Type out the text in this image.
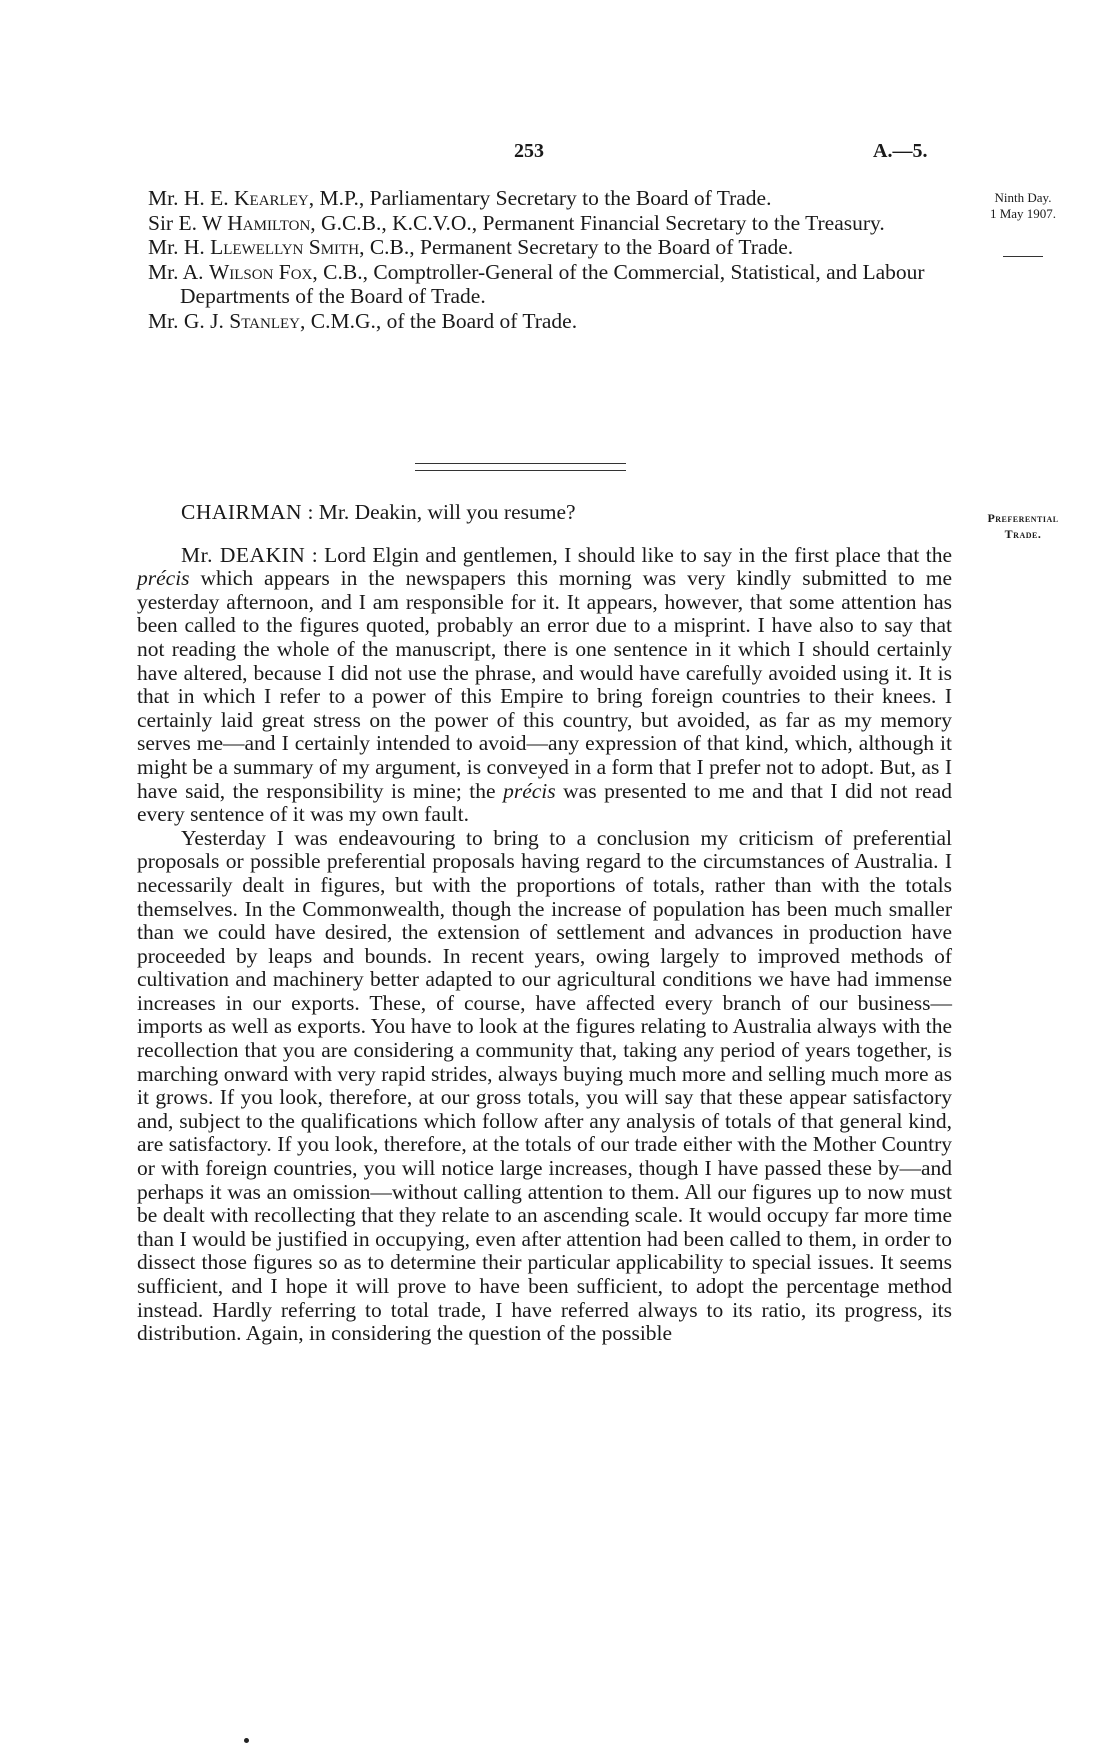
253	A.—5.

Mr. H. E. Kearley, M.P., Parliamentary Secretary to the Board of Trade.

Sir E. W Hamilton, G.C.B., K.C.V.O., Permanent Financial Secretary to the Treasury.

Mr. H. Llewellyn Smith, C.B., Permanent Secretary to the Board of Trade.

Mr. A. Wilson Fox, C.B., Comptroller-General of the Commercial, Statistical, and Labour Departments of the Board of Trade.

Mr. G. J. Stanley, C.M.G., of the Board of Trade.

Ninth Day.
1 May 1907.
Preferential
Trade.

CHAIRMAN : Mr. Deakin, will you resume?

Mr. DEAKIN : Lord Elgin and gentlemen, I should like to say in the first place that the précis which appears in the newspapers this morning was very kindly submitted to me yesterday afternoon, and I am responsible for it. It appears, however, that some attention has been called to the figures quoted, probably an error due to a misprint. I have also to say that not reading the whole of the manuscript, there is one sentence in it which I should certainly have altered, because I did not use the phrase, and would have carefully avoided using it. It is that in which I refer to a power of this Empire to bring foreign countries to their knees. I certainly laid great stress on the power of this country, but avoided, as far as my memory serves me—and I certainly intended to avoid—any expression of that kind, which, although it might be a summary of my argument, is conveyed in a form that I prefer not to adopt. But, as I have said, the responsibility is mine; the précis was presented to me and that I did not read every sentence of it was my own fault.

Yesterday I was endeavouring to bring to a conclusion my criticism of preferential proposals or possible preferential proposals having regard to the circumstances of Australia. I necessarily dealt in figures, but with the proportions of totals, rather than with the totals themselves. In the Commonwealth, though the increase of population has been much smaller than we could have desired, the extension of settlement and advances in production have proceeded by leaps and bounds. In recent years, owing largely to improved methods of cultivation and machinery better adapted to our agricultural conditions we have had immense increases in our exports. These, of course, have affected every branch of our business—imports as well as exports. You have to look at the figures relating to Australia always with the recollection that you are considering a community that, taking any period of years together, is marching onward with very rapid strides, always buying much more and selling much more as it grows. If you look, therefore, at our gross totals, you will say that these appear satisfactory and, subject to the qualifications which follow after any analysis of totals of that general kind, are satisfactory. If you look, therefore, at the totals of our trade either with the Mother Country or with foreign countries, you will notice large increases, though I have passed these by—and perhaps it was an omission—without calling attention to them. All our figures up to now must be dealt with recollecting that they relate to an ascending scale. It would occupy far more time than I would be justified in occupying, even after attention had been called to them, in order to dissect those figures so as to determine their particular applicability to special issues. It seems sufficient, and I hope it will prove to have been sufficient, to adopt the percentage method instead. Hardly referring to total trade, I have referred always to its ratio, its progress, its distribution. Again, in considering the question of the possible
